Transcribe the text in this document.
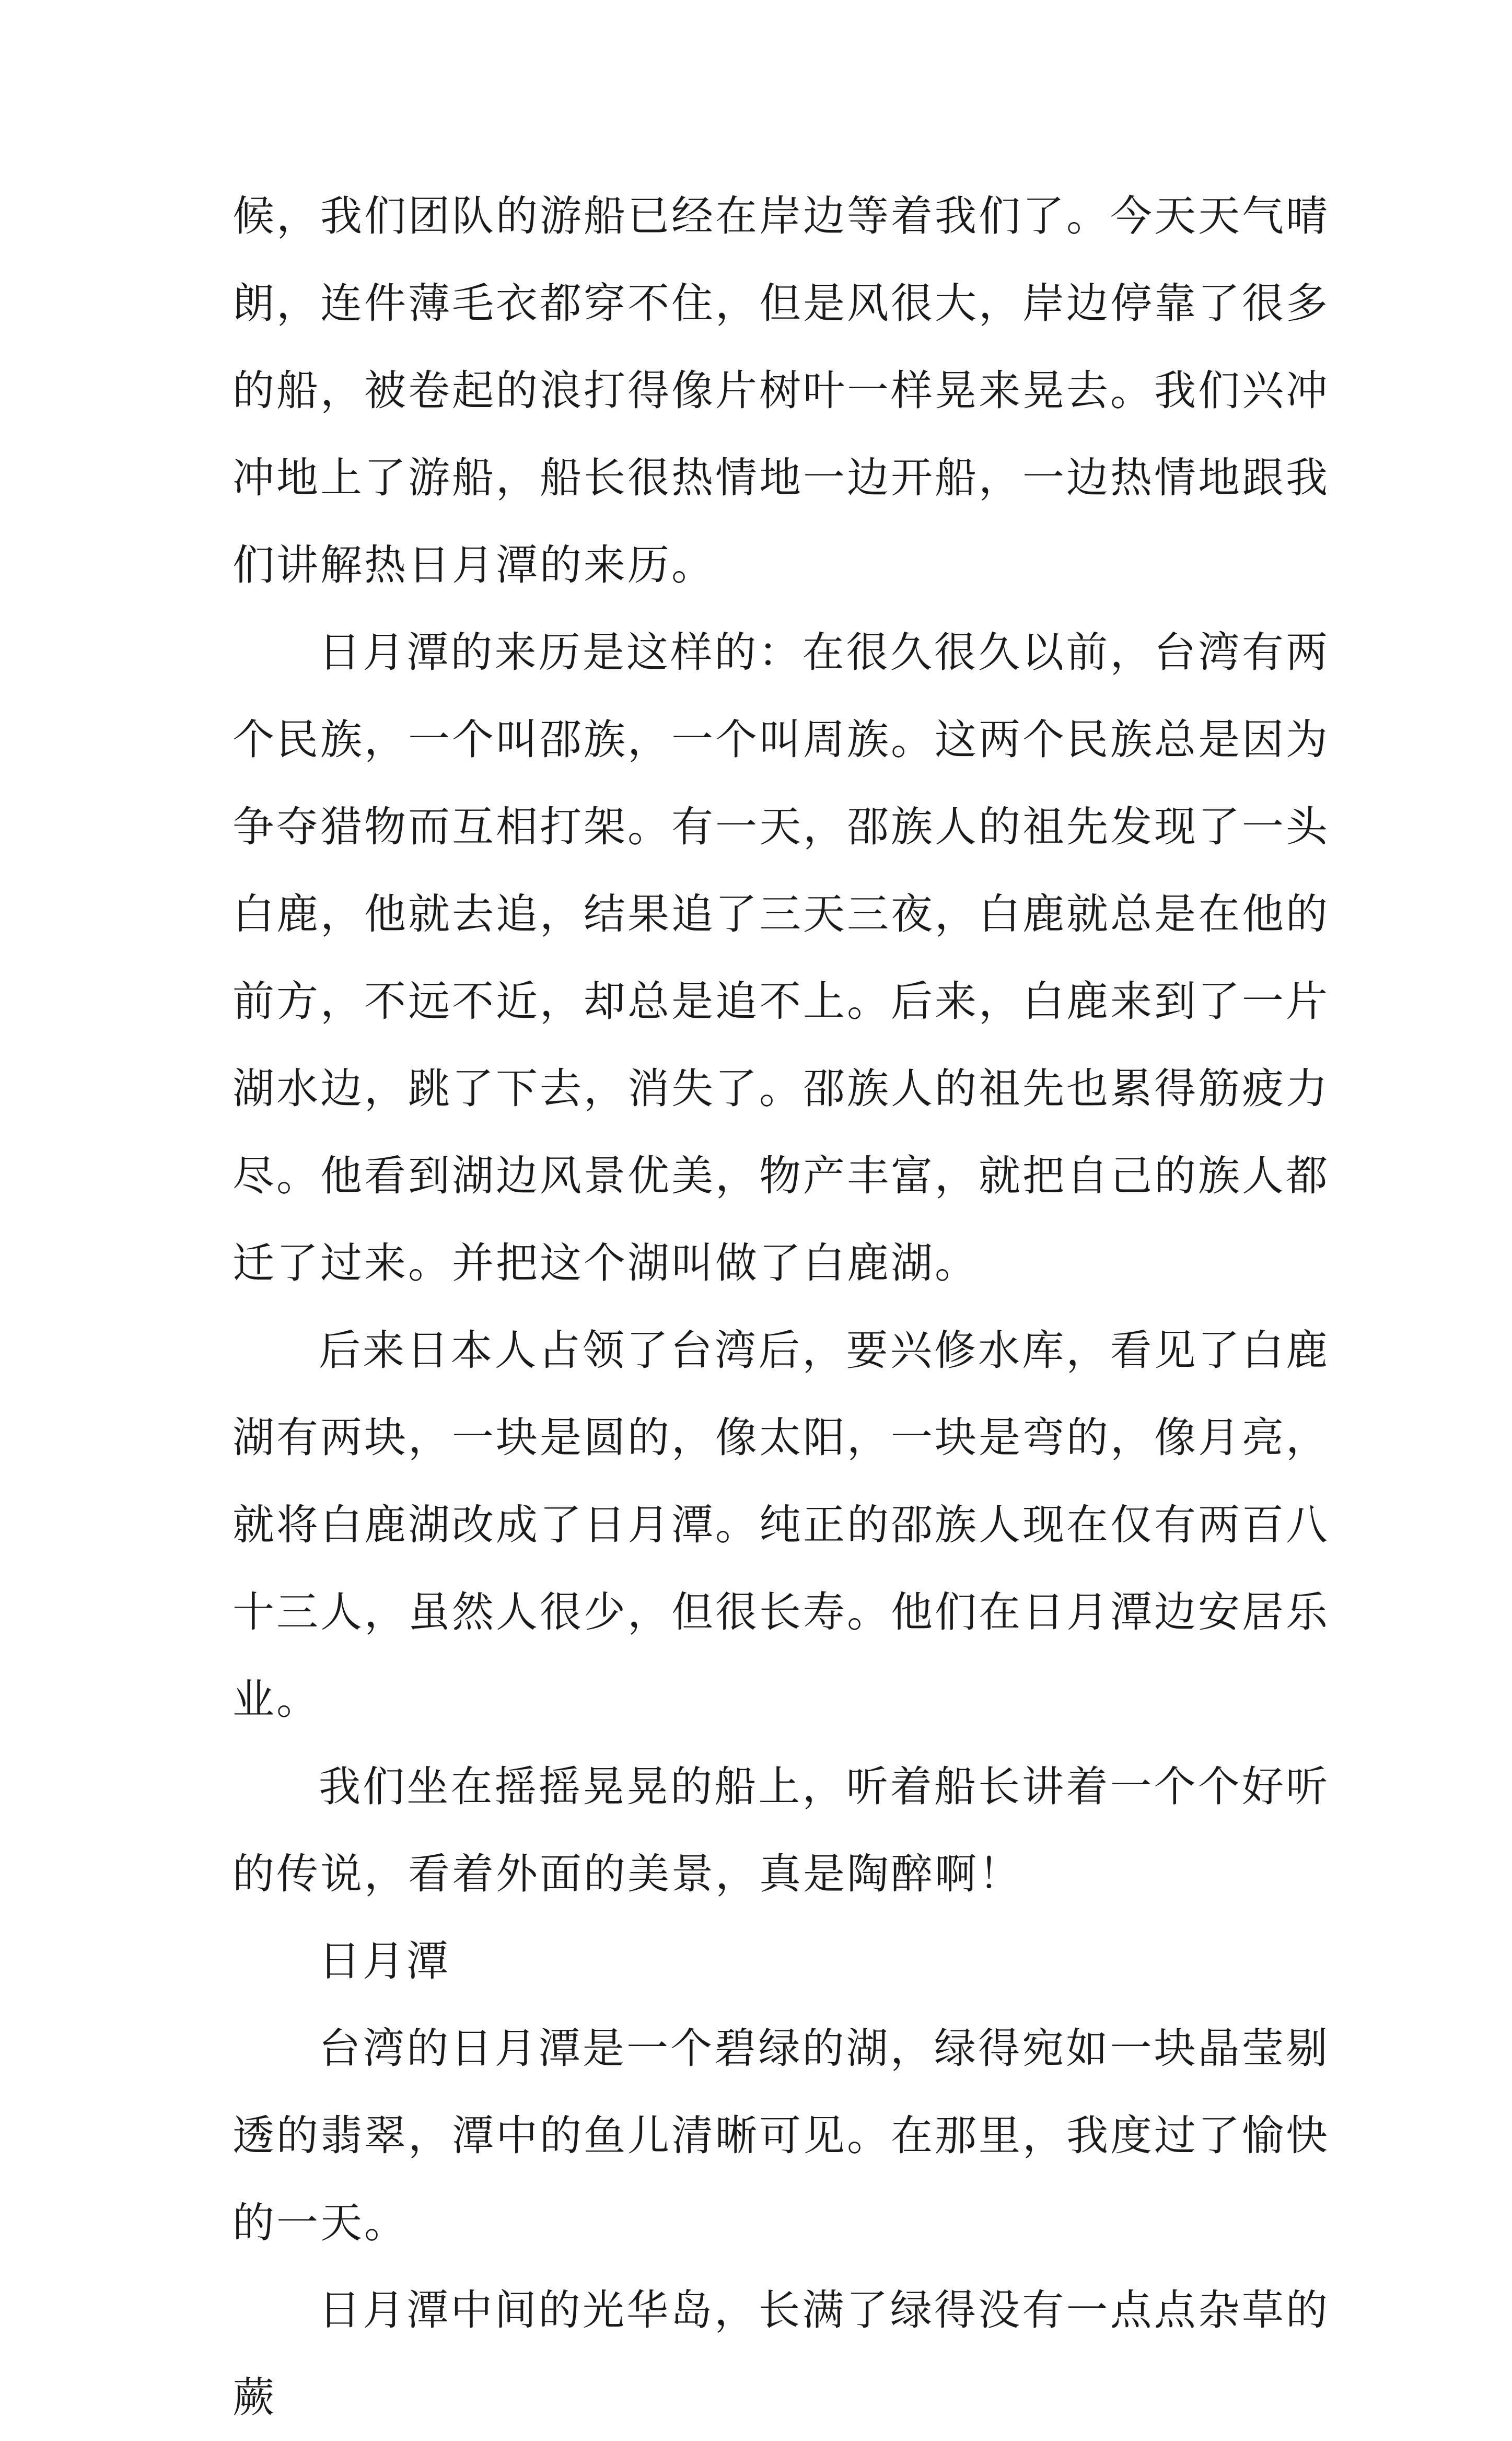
候，我们团队的游船已经在岸边等着我们了。今天天气晴朗，连件薄毛衣都穿不住，但是风很大，岸边停靠了很多的船，被卷起的浪打得像片树叶一样晃来晃去。我们兴冲冲地上了游船，船长很热情地一边开船，一边热情地跟我们讲解热日月潭的来历。

日月潭的来历是这样的：在很久很久以前，台湾有两个民族，一个叫邵族，一个叫周族。这两个民族总是因为争夺猎物而互相打架。有一天，邵族人的祖先发现了一头白鹿，他就去追，结果追了三天三夜，白鹿就总是在他的前方，不远不近，却总是追不上。后来，白鹿来到了一片湖水边，跳了下去，消失了。邵族人的祖先也累得筋疲力尽。他看到湖边风景优美，物产丰富，就把自己的族人都迁了过来。并把这个湖叫做了白鹿湖。

后来日本人占领了台湾后，要兴修水库，看见了白鹿湖有两块，一块是圆的，像太阳，一块是弯的，像月亮，就将白鹿湖改成了日月潭。纯正的邵族人现在仅有两百八十三人，虽然人很少，但很长寿。他们在日月潭边安居乐业。

我们坐在摇摇晃晃的船上，听着船长讲着一个个好听的传说，看着外面的美景，真是陶醉啊！

日月潭

台湾的日月潭是一个碧绿的湖，绿得宛如一块晶莹剔透的翡翠，潭中的鱼儿清晰可见。在那里，我度过了愉快的一天。

日月潭中间的光华岛，长满了绿得没有一点点杂草的蕨
